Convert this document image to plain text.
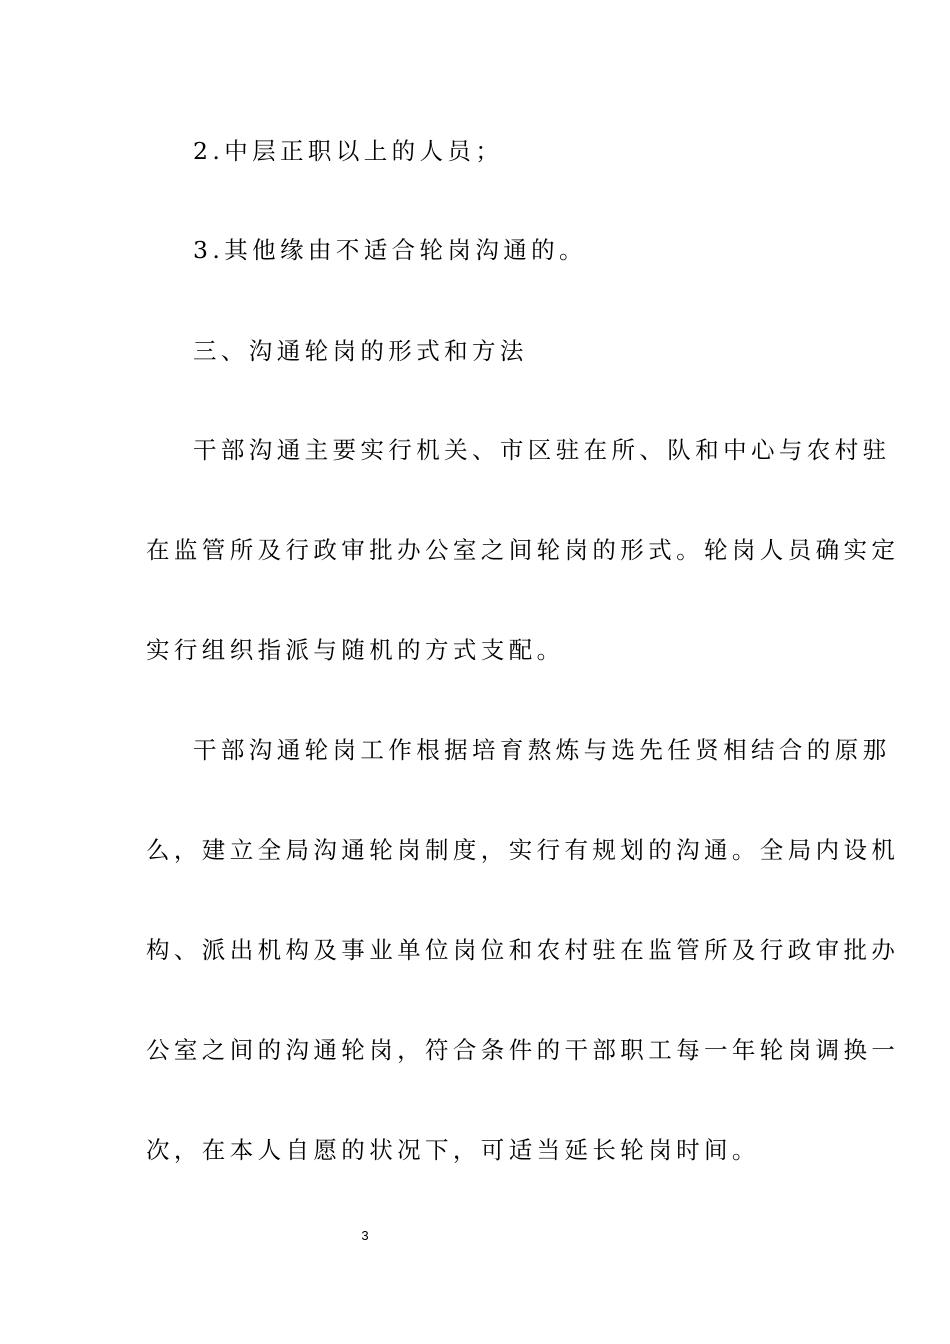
2.中层正职以上的人员；
3.其他缘由不适合轮岗沟通的。
三、沟通轮岗的形式和方法
干部沟通主要实行机关、市区驻在所、队和中心与农村驻
在监管所及行政审批办公室之间轮岗的形式。轮岗人员确实定
实行组织指派与随机的方式支配。
干部沟通轮岗工作根据培育熬炼与选先任贤相结合的原那
么，建立全局沟通轮岗制度，实行有规划的沟通。全局内设机
构、派出机构及事业单位岗位和农村驻在监管所及行政审批办
公室之间的沟通轮岗，符合条件的干部职工每一年轮岗调换一
次，在本人自愿的状况下，可适当延长轮岗时间。
3
